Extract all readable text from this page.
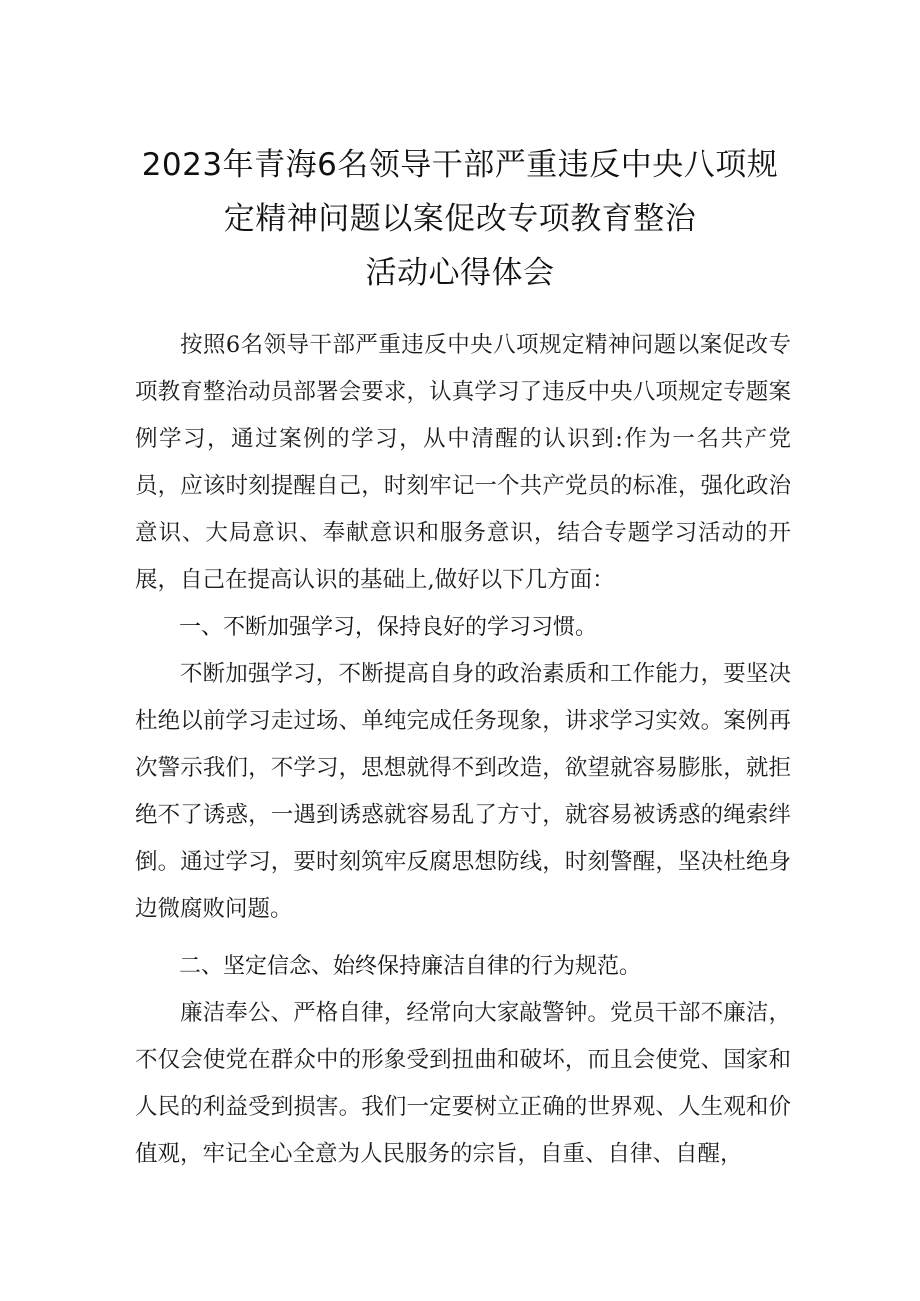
2023年青海6名领导干部严重违反中央八项规
定精神问题以案促改专项教育整治
活动心得体会

按照6名领导干部严重违反中央八项规定精神问题以案促改专项教育整治动员部署会要求，认真学习了违反中央八项规定专题案例学习，通过案例的学习，从中清醒的认识到:作为一名共产党员，应该时刻提醒自己，时刻牢记一个共产党员的标准，强化政治意识、大局意识、奉献意识和服务意识，结合专题学习活动的开展，自己在提高认识的基础上,做好以下几方面：

一、不断加强学习，保持良好的学习习惯。

不断加强学习，不断提高自身的政治素质和工作能力，要坚决杜绝以前学习走过场、单纯完成任务现象，讲求学习实效。案例再次警示我们，不学习，思想就得不到改造，欲望就容易膨胀，就拒绝不了诱惑，一遇到诱惑就容易乱了方寸，就容易被诱惑的绳索绊倒。通过学习，要时刻筑牢反腐思想防线，时刻警醒，坚决杜绝身边微腐败问题。

二、坚定信念、始终保持廉洁自律的行为规范。

廉洁奉公、严格自律，经常向大家敲警钟。党员干部不廉洁，不仅会使党在群众中的形象受到扭曲和破坏，而且会使党、国家和人民的利益受到损害。我们一定要树立正确的世界观、人生观和价值观，牢记全心全意为人民服务的宗旨，自重、自律、自醒，
